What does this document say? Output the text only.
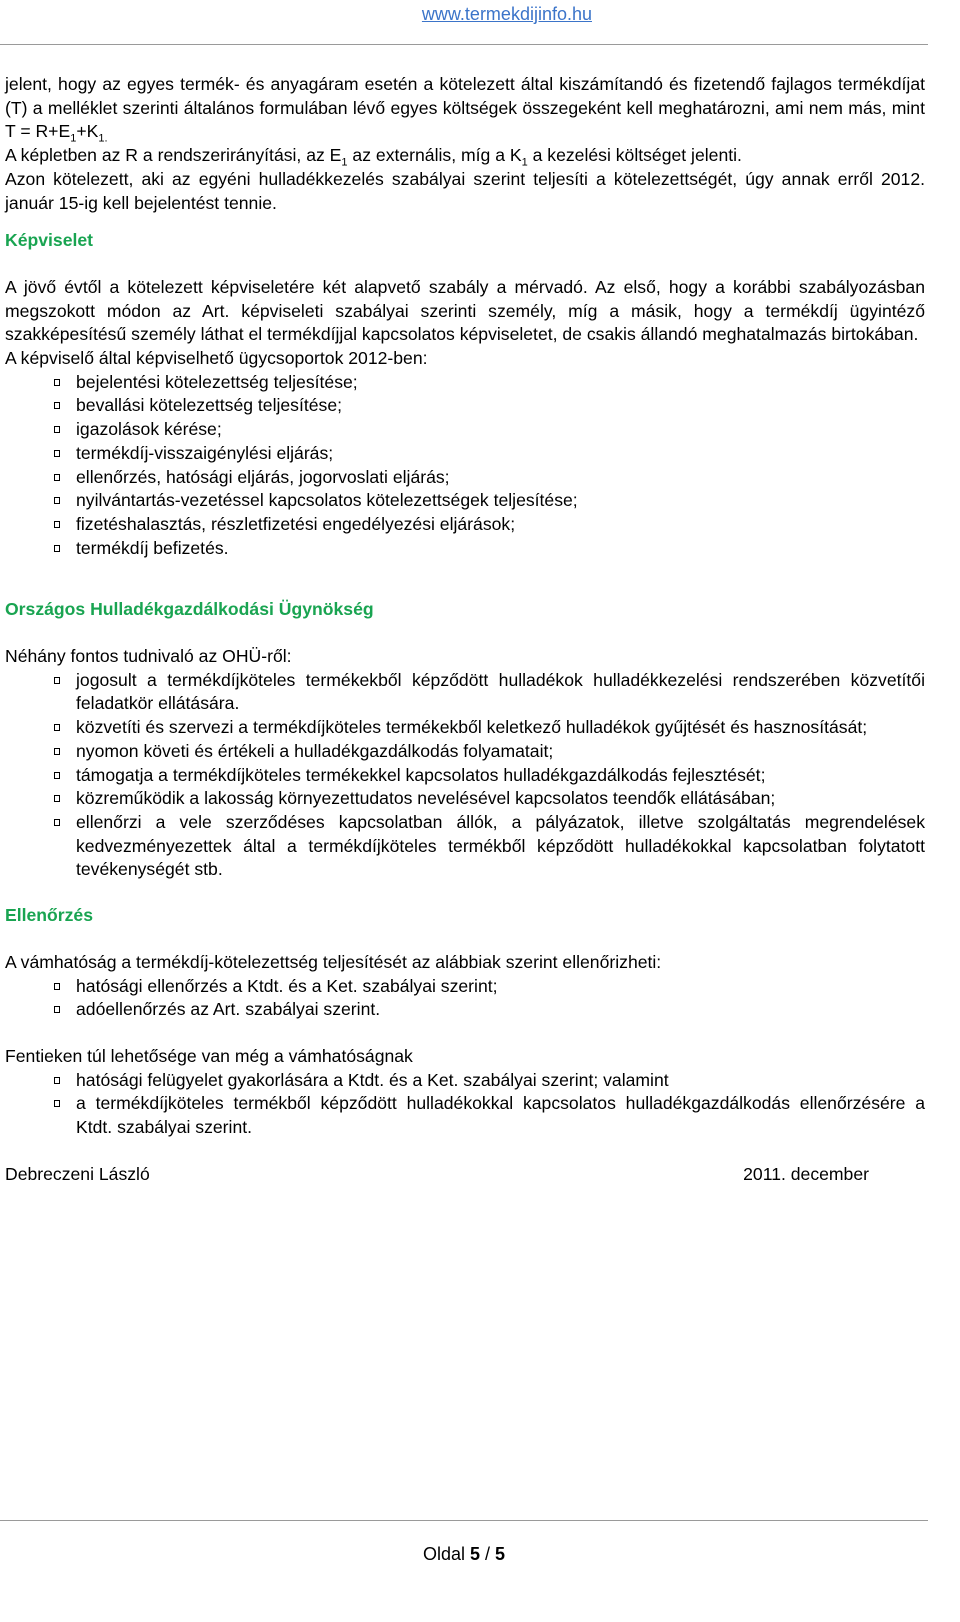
www.termekdijinfo.hu

jelent, hogy az egyes termék- és anyagáram esetén a kötelezett által kiszámítandó és fizetendő fajlagos termékdíjat (T) a melléklet szerinti általános formulában lévő egyes költségek összegeként kell meghatározni, ami nem más, mint $T = R+E_1+K_{1.}$

A képletben az R a rendszerirányítási, az $E_1$ az externális, míg a $K_1$ a kezelési költséget jelenti.

Azon kötelezett, aki az egyéni hulladékkezelés szabályai szerint teljesíti a kötelezettségét, úgy annak erről 2012. január 15-ig kell bejelentést tennie.

Képviselet

A jövő évtől a kötelezett képviseletére két alapvető szabály a mérvadó. Az első, hogy a korábbi szabályozásban megszokott módon az Art. képviseleti szabályai szerinti személy, míg a másik, hogy a termékdíj ügyintéző szakképesítésű személy láthat el termékdíjjal kapcsolatos képviseletet, de csakis állandó meghatalmazás birtokában.

A képviselő által képviselhető ügycsoportok 2012-ben:

bejelentési kötelezettség teljesítése;
bevallási kötelezettség teljesítése;
igazolások kérése;
termékdíj-visszaigénylési eljárás;
ellenőrzés, hatósági eljárás, jogorvoslati eljárás;
nyilvántartás-vezetéssel kapcsolatos kötelezettségek teljesítése;
fizetéshalasztás, részletfizetési engedélyezési eljárások;
termékdíj befizetés.
Országos Hulladékgazdálkodási Ügynökség

Néhány fontos tudnivaló az OHÜ-ről:

jogosult a termékdíjköteles termékekből képződött hulladékok hulladékkezelési rendszerében közvetítői feladatkör ellátására.
közvetíti és szervezi a termékdíjköteles termékekből keletkező hulladékok gyűjtését és hasznosítását;
nyomon követi és értékeli a hulladékgazdálkodás folyamatait;
támogatja a termékdíjköteles termékekkel kapcsolatos hulladékgazdálkodás fejlesztését;
közreműködik a lakosság környezettudatos nevelésével kapcsolatos teendők ellátásában;
ellenőrzi a vele szerződéses kapcsolatban állók, a pályázatok, illetve szolgáltatás megrendelések kedvezményezettek által a termékdíjköteles termékből képződött hulladékokkal kapcsolatban folytatott tevékenységét stb.
Ellenőrzés

A vámhatóság a termékdíj-kötelezettség teljesítését az alábbiak szerint ellenőrizheti:

hatósági ellenőrzés a Ktdt. és a Ket. szabályai szerint;
adóellenőrzés az Art. szabályai szerint.

Fentieken túl lehetősége van még a vámhatóságnak

hatósági felügyelet gyakorlására a Ktdt. és a Ket. szabályai szerint; valamint
a termékdíjköteles termékből képződött hulladékokkal kapcsolatos hulladékgazdálkodás ellenőrzésére a Ktdt. szabályai szerint.
Debreczeni László	2011. december
Oldal 5 / 5
